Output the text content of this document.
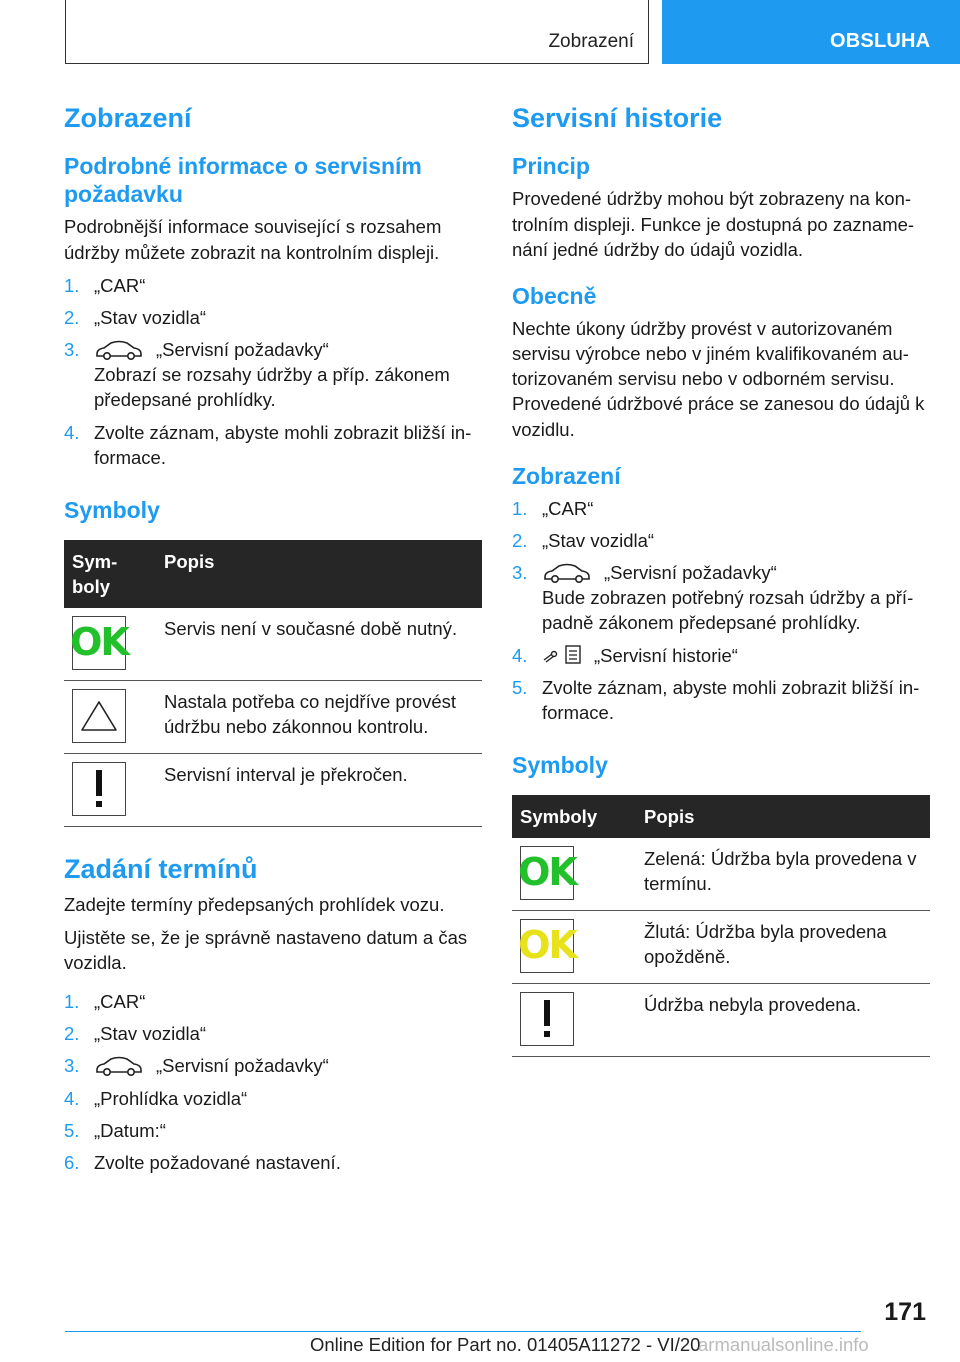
Zobrazení	OBSLUHA
Zobrazení
Podrobné informace o servisním požadavku

Podrobnější informace související s rozsahem údržby můžete zobrazit na kontrolním displeji.

1. „CAR“
2. „Stav vozidla“
3.	„Servisní požadavky“
Zobrazí se rozsahy údržby a příp. zákonem předepsané prohlídky.
4. Zvolte záznam, abyste mohli zobrazit bližší in-formace.
Symboly
Sym-boly	Popis

OK	Servis není v současné době nutný.

	Nastala potřeba co nejdříve provést údržbu nebo zákonnou kontrolu.

	Servisní interval je překročen.
Zadání termínů

Zadejte termíny předepsaných prohlídek vozu.

Ujistěte se, že je správně nastaveno datum a čas vozidla.

1. „CAR“
2. „Stav vozidla“
3.	„Servisní požadavky“
4. „Prohlídka vozidla“
5. „Datum:“
6. Zvolte požadované nastavení.
Servisní historie
Princip

Provedené údržby mohou být zobrazeny na kon-trolním displeji. Funkce je dostupná po zazname-nání jedné údržby do údajů vozidla.

Obecně

Nechte úkony údržby provést v autorizovaném servisu výrobce nebo v jiném kvalifikovaném au-torizovaném servisu nebo v odborném servisu.

Provedené údržbové práce se zanesou do údajů k vozidlu.

Zobrazení
1. „CAR“
2. „Stav vozidla“
3.	„Servisní požadavky“
Bude zobrazen potřebný rozsah údržby a pří-padně zákonem předepsané prohlídky.
4.	„Servisní historie“
5. Zvolte záznam, abyste mohli zobrazit bližší in-formace.
Symboly
Symboly	Popis

OK	Zelená: Údržba byla provedena v termínu.

OK	Žlutá: Údržba byla provedena opožděně.

	Údržba nebyla provedena.
171
Online Edition for Part no. 01405A11272 - VI/20
armanualsonline.info
